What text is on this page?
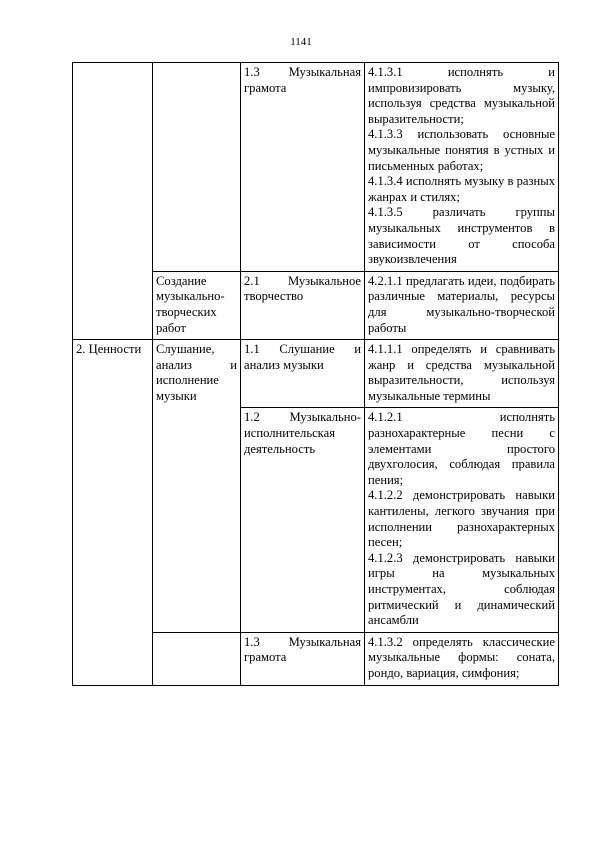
1141
		1.3 Музыкальная грамота	4.1.3.1 исполнять и импровизировать музыку, используя средства музыкальной выразительности;
4.1.3.3 использовать основные музыкальные понятия в устных и письменных работах;
4.1.3.4 исполнять музыку в разных жанрах и стилях;
4.1.3.5 различать группы музыкальных инструментов в зависимости от способа звукоизвлечения

	Создание музыкально-творческих работ	2.1 Музыкальное творчество	4.2.1.1 предлагать идеи, подбирать различные материалы, ресурсы для музыкально-творческой работы

2. Ценности	Слушание, анализ и исполнение музыки	1.1 Слушание и анализ музыки	4.1.1.1 определять и сравнивать жанр и средства музыкальной выразительности, используя музыкальные термины

		1.2 Музыкально-исполнительская деятельность	4.1.2.1 исполнять разнохарактерные песни с элементами простого двухголосия, соблюдая правила пения;
4.1.2.2 демонстрировать навыки кантилены, легкого звучания при исполнении разнохарактерных песен;
4.1.2.3 демонстрировать навыки игры на музыкальных инструментах, соблюдая ритмический и динамический ансамбли

		1.3 Музыкальная грамота	4.1.3.2 определять классические музыкальные формы: соната, рондо, вариация, симфония;
